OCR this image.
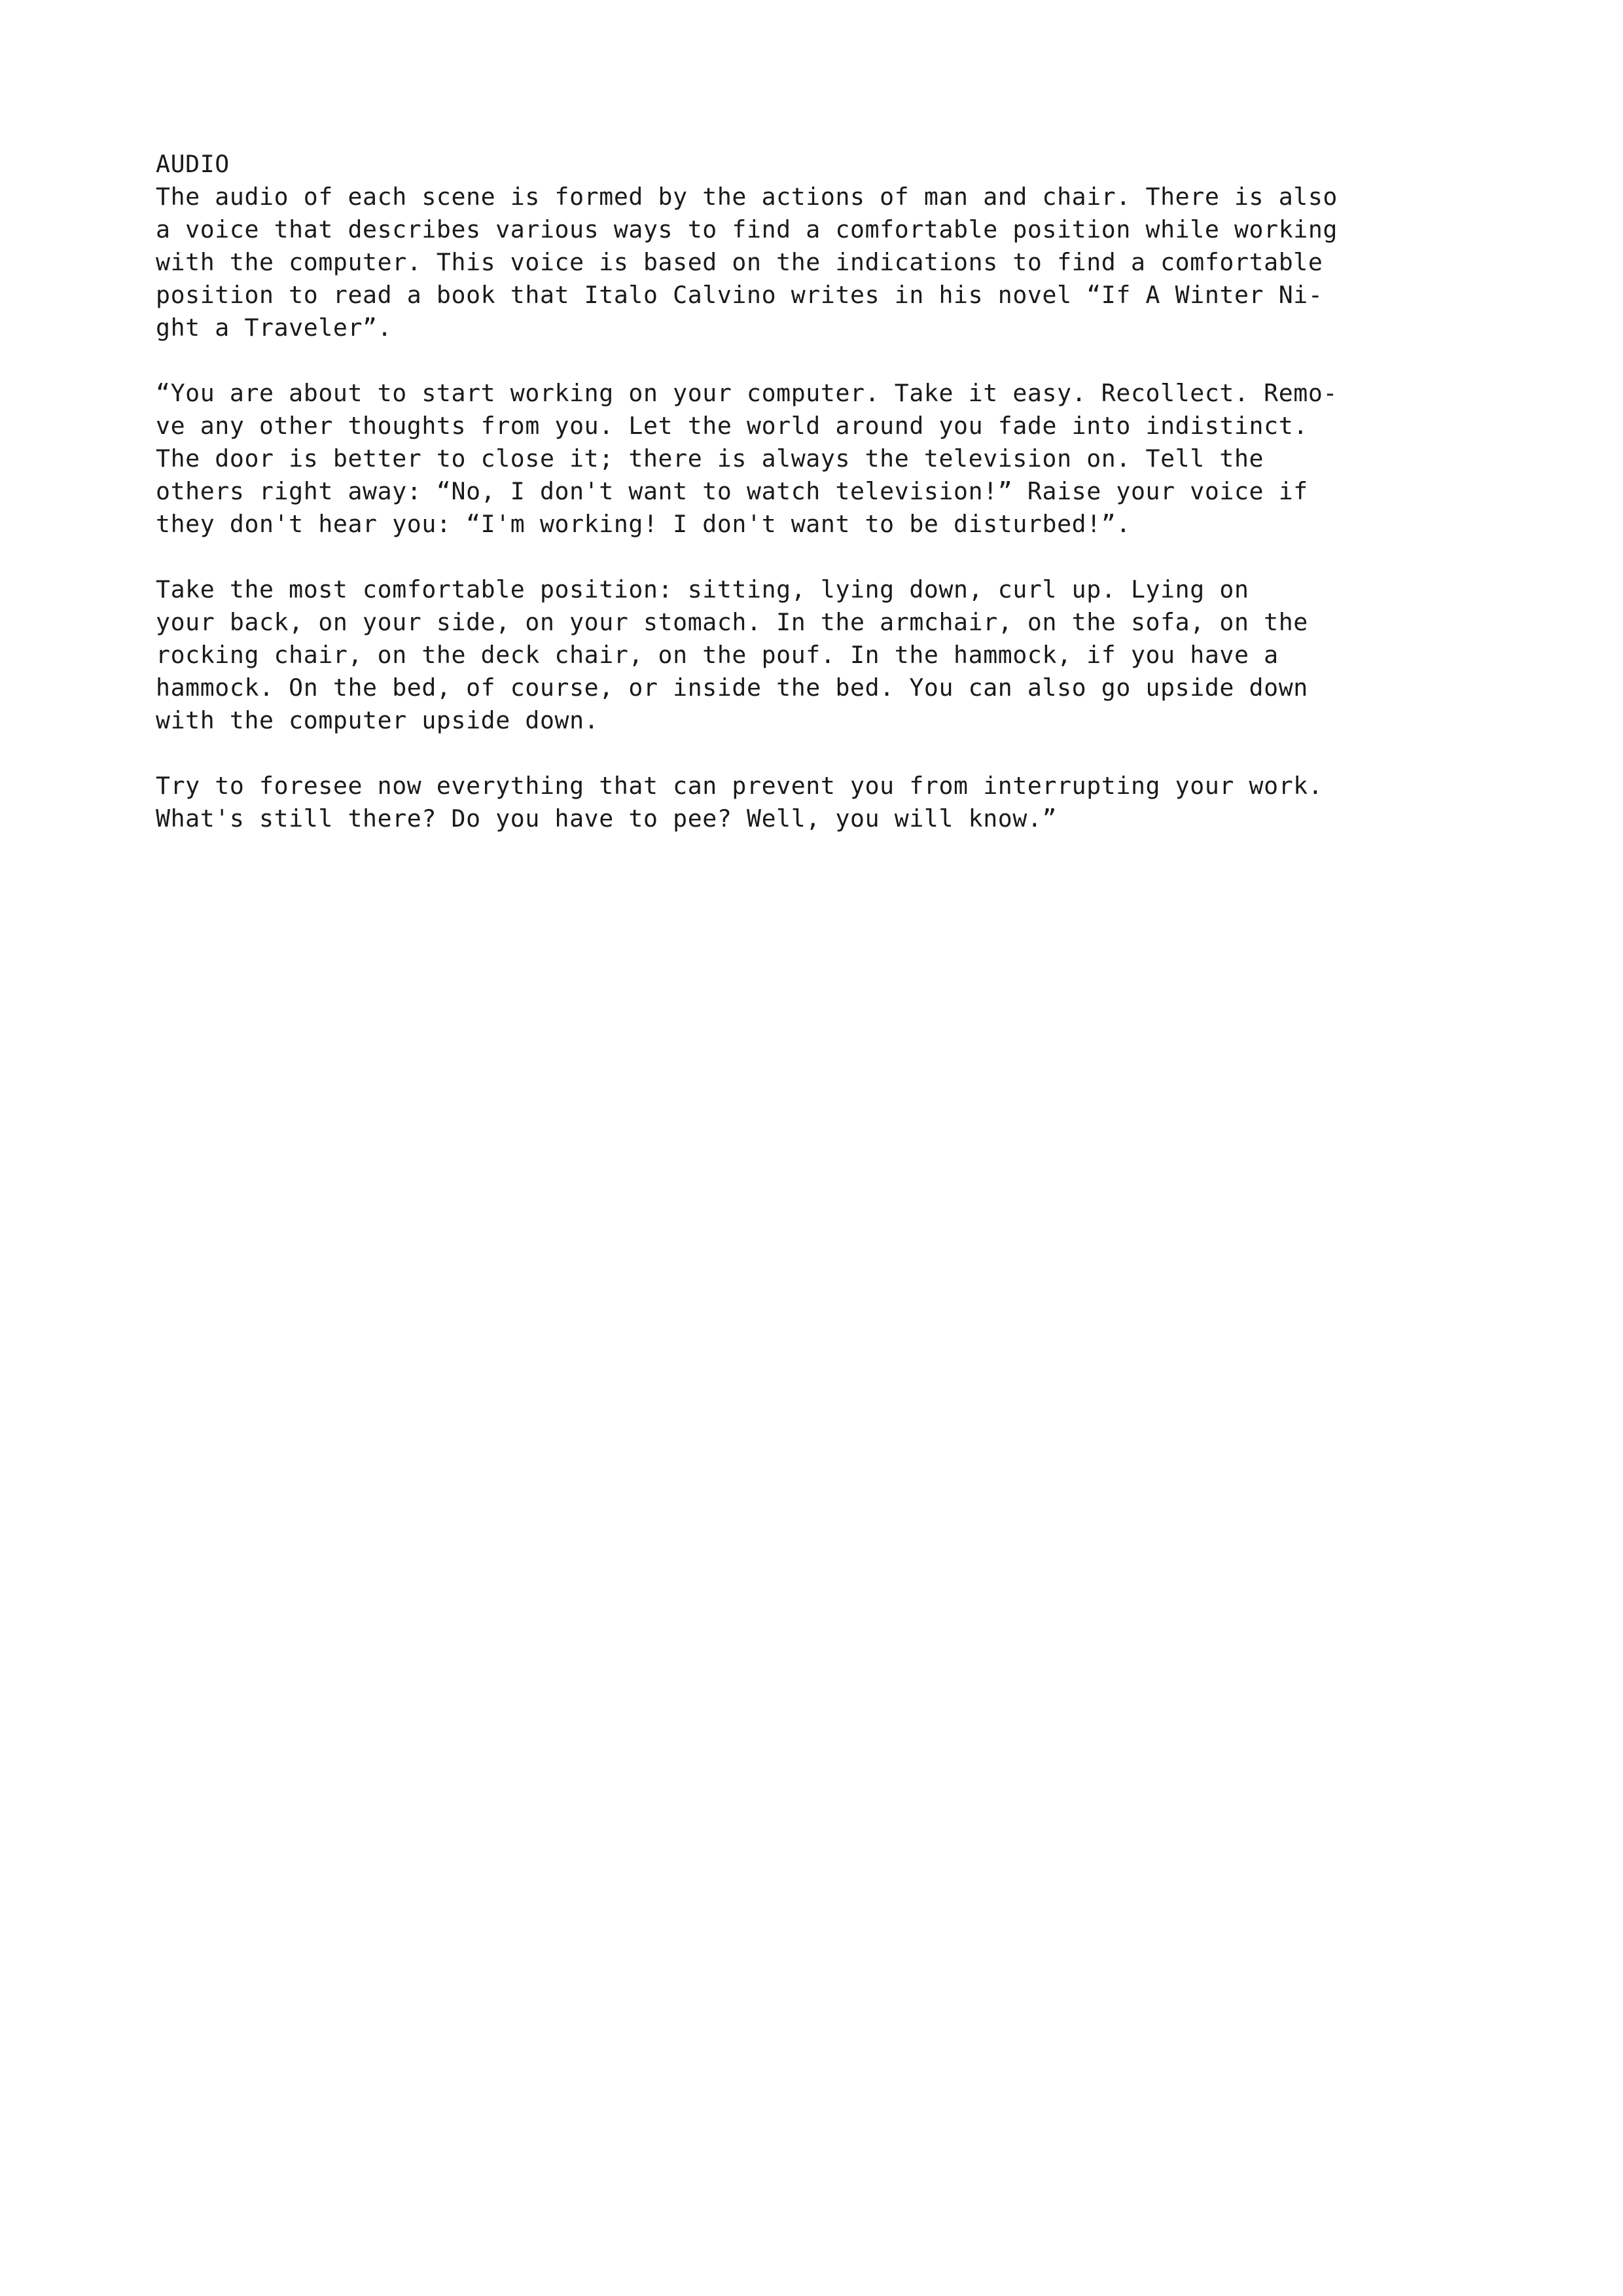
AUDIO

The audio of each scene is formed by the actions of man and chair. There is also
a voice that describes various ways to find a comfortable position while working
with the computer. This voice is based on the indications to find a comfortable
position to read a book that Italo Calvino writes in his novel “If A Winter Ni-
ght a Traveler”.

“You are about to start working on your computer. Take it easy. Recollect. Remo-
ve any other thoughts from you. Let the world around you fade into indistinct.
The door is better to close it; there is always the television on. Tell the
others right away: “No, I don't want to watch television!” Raise your voice if
they don't hear you: “I'm working! I don't want to be disturbed!”.

Take the most comfortable position: sitting, lying down, curl up. Lying on
your back, on your side, on your stomach. In the armchair, on the sofa, on the
rocking chair, on the deck chair, on the pouf. In the hammock, if you have a
hammock. On the bed, of course, or inside the bed. You can also go upside down
with the computer upside down.

Try to foresee now everything that can prevent you from interrupting your work.
What's still there? Do you have to pee? Well, you will know.”
